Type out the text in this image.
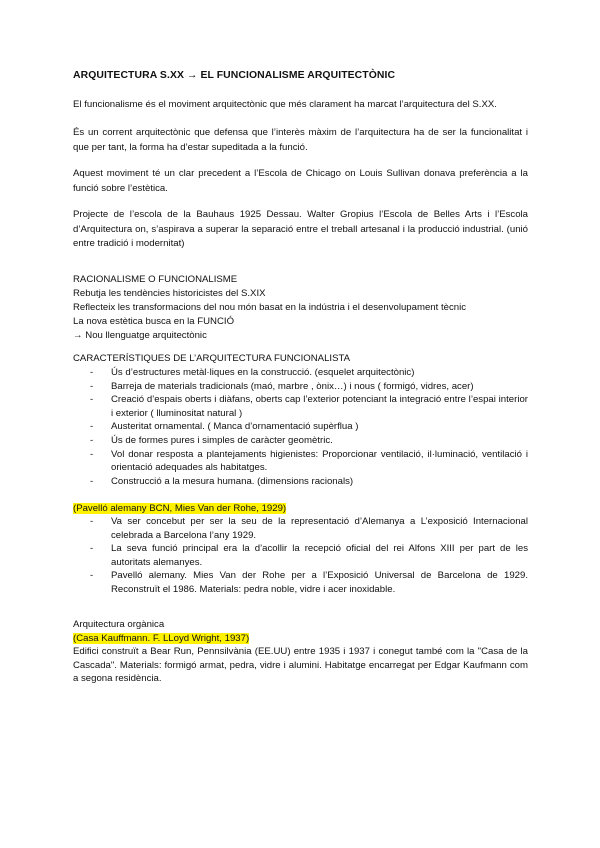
ARQUITECTURA S.XX → EL FUNCIONALISME ARQUITECTÒNIC
El funcionalisme és el moviment arquitectònic que més clarament ha marcat l’arquitectura del S.XX.
És un corrent arquitectònic que defensa que l’interès màxim de l’arquitectura ha de ser la funcionalitat i que per tant, la forma ha d’estar supeditada a la funció.
Aquest moviment té un clar precedent a l’Escola de Chicago on Louis Sullivan donava preferència a la funció sobre l’estètica.
Projecte de l’escola de la Bauhaus 1925 Dessau. Walter Gropius l’Escola de Belles Arts i l’Escola d’Arquitectura on, s’aspirava a superar la separació entre el treball artesanal i la producció industrial. (unió entre tradició i modernitat)
RACIONALISME O FUNCIONALISME
Rebutja les tendències historicistes del S.XIX
Reflecteix les transformacions del nou món basat en la indústria i el desenvolupament tècnic
La nova estètica busca en la FUNCIÓ
→ Nou llenguatge arquitectònic
CARACTERÍSTIQUES DE L’ARQUITECTURA FUNCIONALISTA
- Ús d’estructures metàl·liques en la construcció. (esquelet arquitectònic)
- Barreja de materials tradicionals (maó, marbre , ònix…) i nous ( formigó, vidres, acer)
- Creació d’espais oberts i diàfans, oberts cap l’exterior potenciant la integració entre l’espai interior i exterior ( lluminositat natural )
- Austeritat ornamental. ( Manca d’ornamentació supèrflua )
- Ús de formes pures i simples de caràcter geomètric.
- Vol donar resposta a plantejaments higienistes: Proporcionar ventilació, il·luminació, ventilació i orientació adequades als habitatges.
- Construcció a la mesura humana. (dimensions racionals)
(Pavelló alemany BCN, Mies Van der Rohe, 1929)
- Va ser concebut per ser la seu de la representació d’Alemanya a L’exposició Internacional celebrada a Barcelona l’any 1929.
- La seva funció principal era la d’acollir la recepció oficial del rei Alfons XIII per part de les autoritats alemanyes.
- Pavelló alemany. Mies Van der Rohe per a l’Exposició Universal de Barcelona de 1929. Reconstruït el 1986. Materials: pedra noble, vidre i acer inoxidable.
Arquitectura orgànica
(Casa Kauffmann. F. LLoyd Wright, 1937)
Edifici construït a Bear Run, Pennsilvània (EE.UU) entre 1935 i 1937 i conegut també com la "Casa de la Cascada". Materials: formigó armat, pedra, vidre i alumini. Habitatge encarregat per Edgar Kaufmann com a segona residència.
